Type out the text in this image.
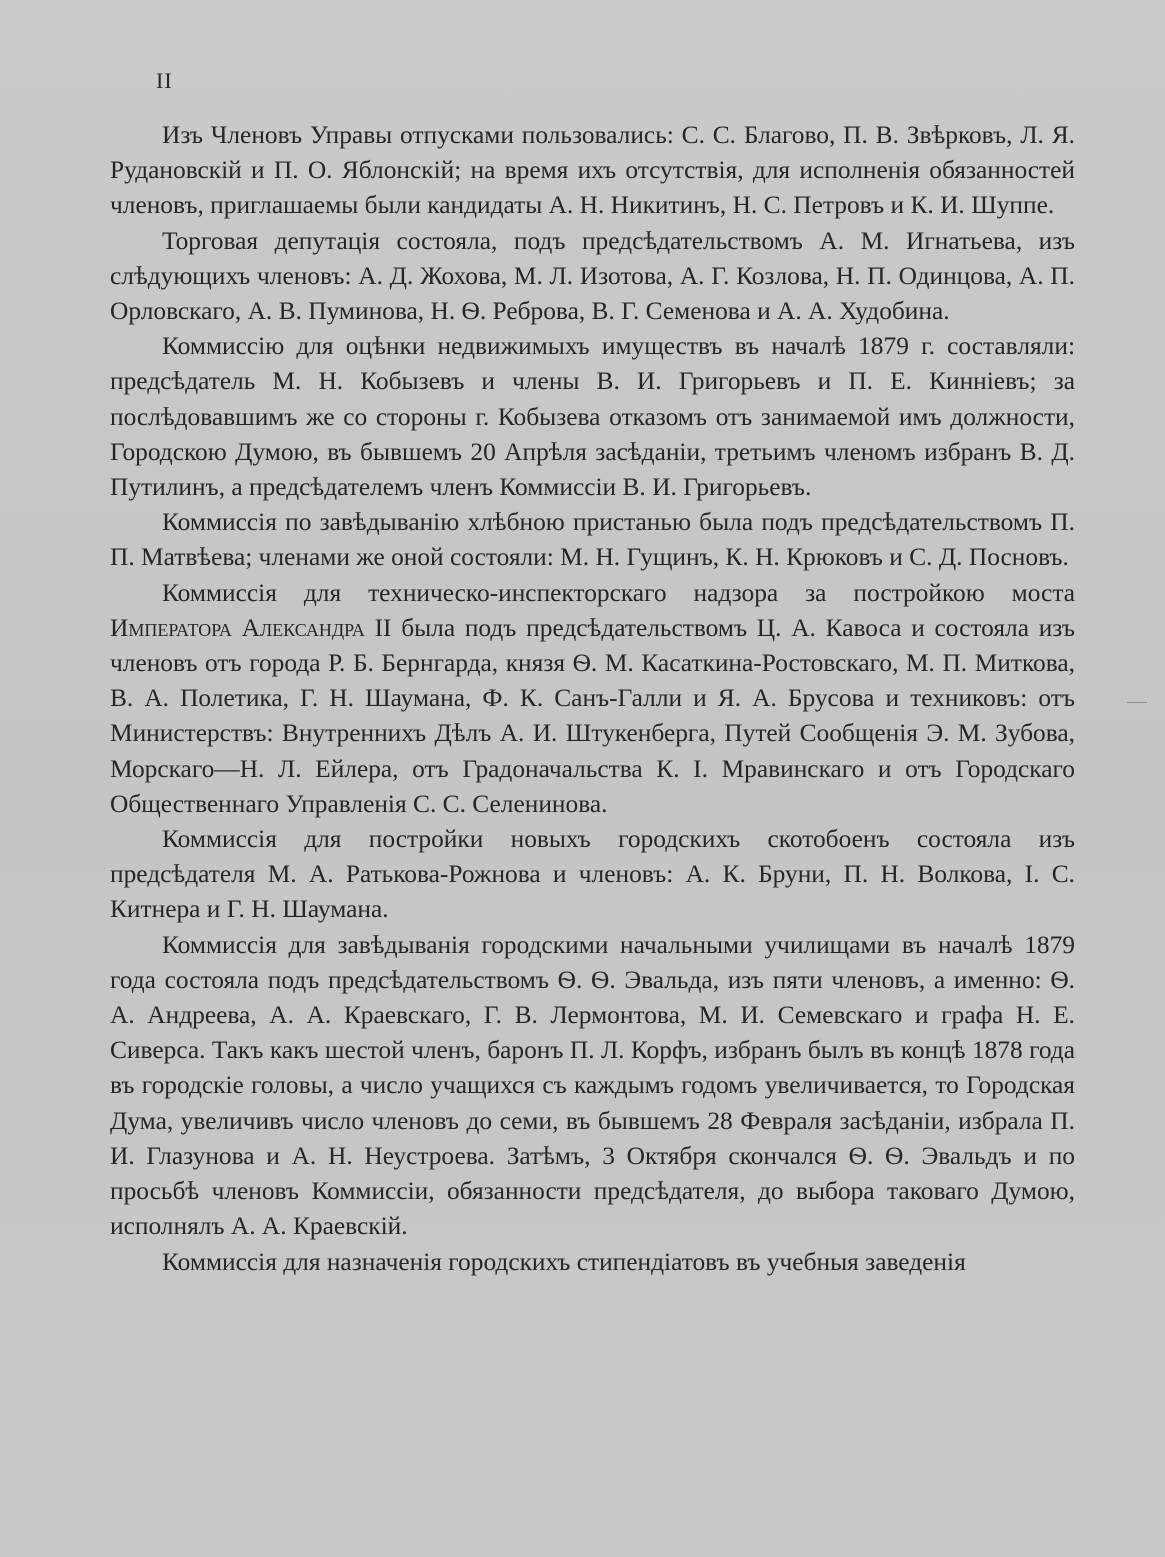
II

Изъ Членовъ Управы отпусками пользовались: С. С. Благово, П. В. Звѣрковъ, Л. Я. Рудановскій и П. О. Яблонскій; на время ихъ отсутствія, для исполненія обязанностей членовъ, приглашаемы были кандидаты А. Н. Никитинъ, Н. С. Петровъ и К. И. Шуппе.

Торговая депутація состояла, подъ предсѣдательствомъ А. М. Игнатьева, изъ слѣдующихъ членовъ: А. Д. Жохова, М. Л. Изотова, А. Г. Козлова, Н. П. Одинцова, А. П. Орловскаго, А. В. Пуминова, Н. Ѳ. Реброва, В. Г. Семенова и А. А. Худобина.

Коммиссію для оцѣнки недвижимыхъ имуществъ въ началѣ 1879 г. составляли: предсѣдатель М. Н. Кобызевъ и члены В. И. Григорьевъ и П. Е. Кинніевъ; за послѣдовавшимъ же со стороны г. Кобызева отказомъ отъ занимаемой имъ должности, Городскою Думою, въ бывшемъ 20 Апрѣля засѣданіи, третьимъ членомъ избранъ В. Д. Путилинъ, а предсѣдателемъ членъ Коммиссіи В. И. Григорьевъ.

Коммиссія по завѣдыванію хлѣбною пристанью была подъ предсѣдательствомъ П. П. Матвѣева; членами же оной состояли: М. Н. Гущинъ, К. Н. Крюковъ и С. Д. Посновъ.

Коммиссія для техническо-инспекторскаго надзора за постройкою моста Императора Александра II была подъ предсѣдательствомъ Ц. А. Кавоса и состояла изъ членовъ отъ города Р. Б. Бернгарда, князя Ѳ. М. Касаткина-Ростовскаго, М. П. Миткова, В. А. Полетика, Г. Н. Шаумана, Ф. К. Санъ-Галли и Я. А. Брусова и техниковъ: отъ Министерствъ: Внутреннихъ Дѣлъ А. И. Штукенберга, Путей Сообщенія Э. М. Зубова, Морскаго—Н. Л. Ейлера, отъ Градоначальства К. І. Мравинскаго и отъ Городскаго Общественнаго Управленія С. С. Селенинова.

Коммиссія для постройки новыхъ городскихъ скотобоенъ состояла изъ предсѣдателя М. А. Ратькова-Рожнова и членовъ: А. К. Бруни, П. Н. Волкова, І. С. Китнера и Г. Н. Шаумана.

Коммиссія для завѣдыванія городскими начальными училищами въ началѣ 1879 года состояла подъ предсѣдательствомъ Ѳ. Ѳ. Эвальда, изъ пяти членовъ, а именно: Ѳ. А. Андреева, А. А. Краевскаго, Г. В. Лермонтова, М. И. Семевскаго и графа Н. Е. Сиверса. Такъ какъ шестой членъ, баронъ П. Л. Корфъ, избранъ былъ въ концѣ 1878 года въ городскіе головы, а число учащихся съ каждымъ годомъ увеличивается, то Городская Дума, увеличивъ число членовъ до семи, въ бывшемъ 28 Февраля засѣданіи, избрала П. И. Глазунова и А. Н. Неустроева. Затѣмъ, 3 Октября скончался Ѳ. Ѳ. Эвальдъ и по просьбѣ членовъ Коммиссіи, обязанности предсѣдателя, до выбора таковаго Думою, исполнялъ А. А. Краевскій.

Коммиссія для назначенія городскихъ стипендіатовъ въ учебныя заведенія
